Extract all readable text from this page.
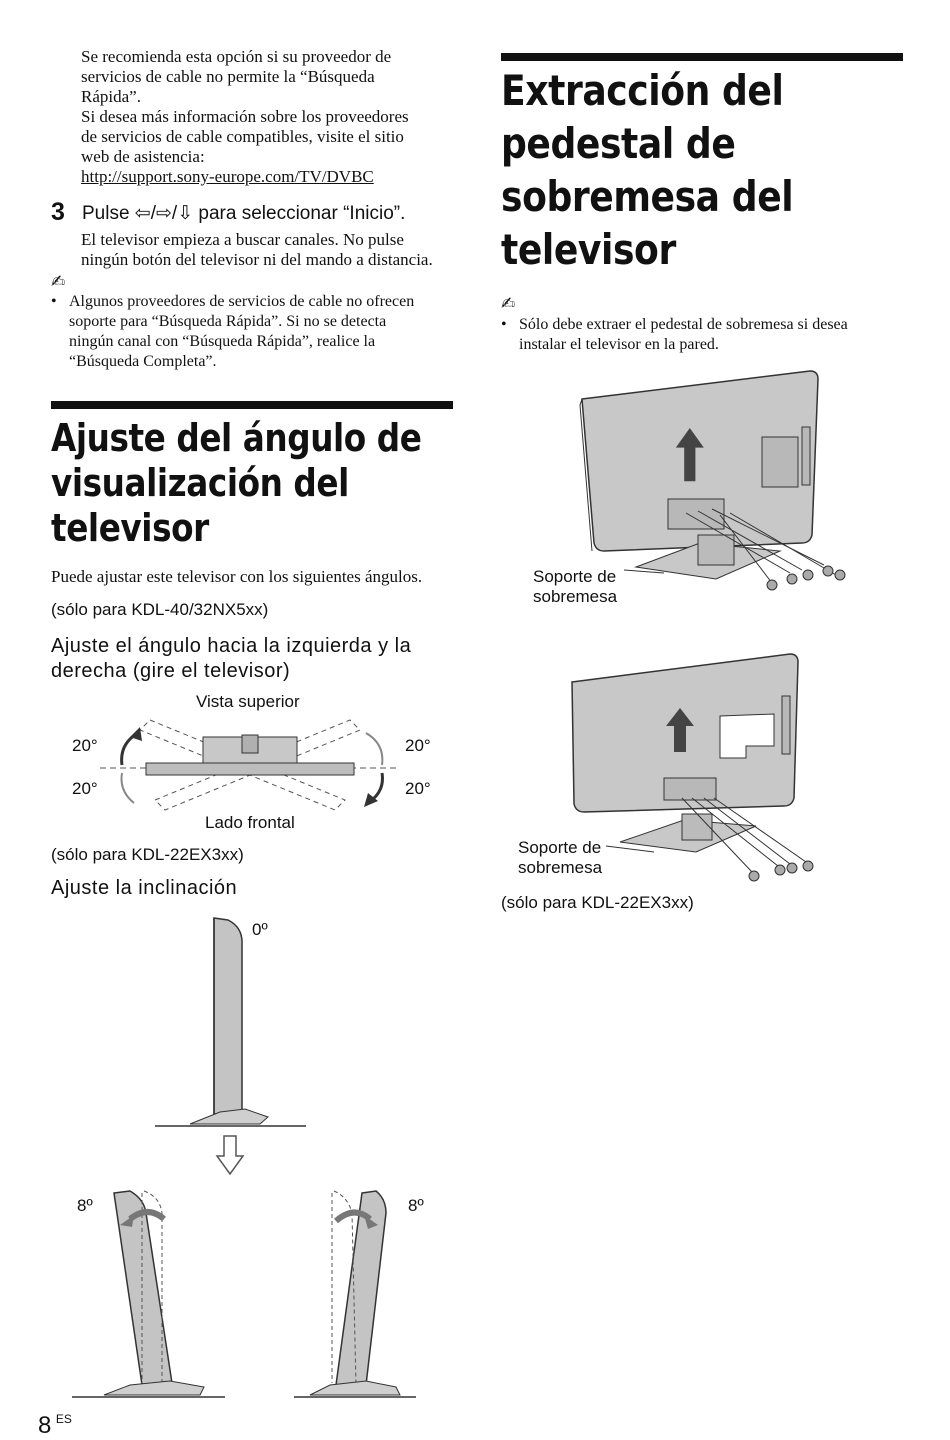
Se recomienda esta opción si su proveedor de
servicios de cable no permite la “Búsqueda
Rápida”.
Si desea más información sobre los proveedores
de servicios de cable compatibles, visite el sitio
web de asistencia:
http://support.sony-europe.com/TV/DVBC
3 Pulse ⇦/⇨/⇩ para seleccionar “Inicio”.
El televisor empieza a buscar canales. No pulse
ningún botón del televisor ni del mando a distancia.
✍
• Algunos proveedores de servicios de cable no ofrecen
soporte para “Búsqueda Rápida”. Si no se detecta
ningún canal con “Búsqueda Rápida”, realice la
“Búsqueda Completa”.
Ajuste del ángulo de
visualización del
televisor
Puede ajustar este televisor con los siguientes ángulos.
(sólo para KDL-40/32NX5xx)
Ajuste el ángulo hacia la izquierda y la
derecha (gire el televisor)
Vista superior
20°
20°
20°
20°
Lado frontal
(sólo para KDL-22EX3xx)
Ajuste la inclinación
0º
8º	8º
Extracción del
pedestal de
sobremesa del
televisor
✍
• Sólo debe extraer el pedestal de sobremesa si desea
instalar el televisor en la pared.
Soporte de
sobremesa
Soporte de
sobremesa
(sólo para KDL-22EX3xx)
8 $^{ES}$
